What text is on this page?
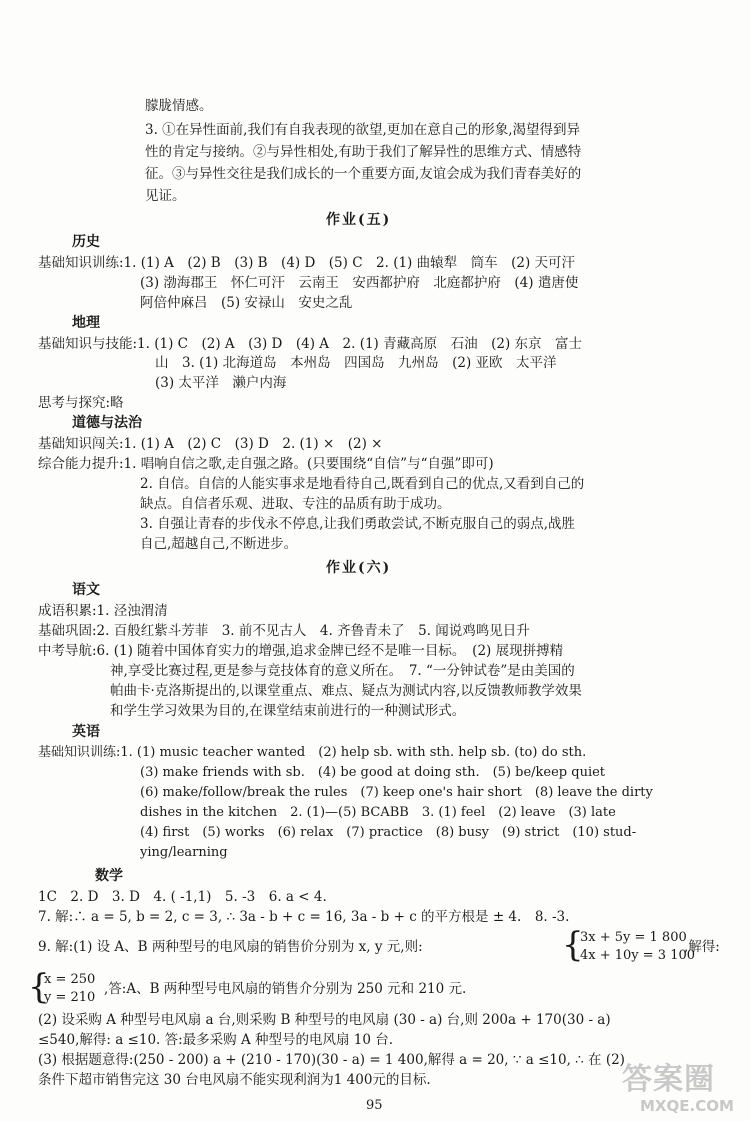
朦胧情感。
3. ①在异性面前,我们有自我表现的欲望,更加在意自己的形象,渴望得到异
性的肯定与接纳。②与异性相处,有助于我们了解异性的思维方式、情感特
征。③与异性交往是我们成长的一个重要方面,友谊会成为我们青春美好的
见证。
作业(五)
历史
基础知识训练:1. (1) A　(2) B　(3) B　(4) D　(5) C　2. (1) 曲辕犁　筒车　(2) 天可汗
(3) 渤海郡王　怀仁可汗　云南王　安西都护府　北庭都护府　(4) 遣唐使
阿倍仲麻吕　(5) 安禄山　安史之乱
地理
基础知识与技能:1. (1) C　(2) A　(3) D　(4) A　2. (1) 青藏高原　石油　(2) 东京　富士
山　3. (1) 北海道岛　本州岛　四国岛　九州岛　(2) 亚欧　太平洋
(3) 太平洋　濑户内海
思考与探究:略
道德与法治
基础知识闯关:1. (1) A　(2) C　(3) D　2. (1) ×　(2) ×
综合能力提升:1. 唱响自信之歌,走自强之路。(只要围绕“自信”与“自强”即可)
2. 自信。自信的人能实事求是地看待自己,既看到自己的优点,又看到自己的
缺点。自信者乐观、进取、专注的品质有助于成功。
3. 自强让青春的步伐永不停息,让我们勇敢尝试,不断克服自己的弱点,战胜
自己,超越自己,不断进步。
作业(六)
语文
成语积累:1. 泾浊渭清
基础巩固:2. 百般红紫斗芳菲　3. 前不见古人　4. 齐鲁青未了　5. 闻说鸡鸣见日升
中考导航:6. (1) 随着中国体育实力的增强,追求金牌已经不是唯一目标。　(2) 展现拼搏精
神,享受比赛过程,更是参与竞技体育的意义所在。　7. “一分钟试卷”是由美国的
帕曲卡·克洛斯提出的,以课堂重点、难点、疑点为测试内容,以反馈教师教学效果
和学生学习效果为目的,在课堂结束前进行的一种测试形式。
英语
基础知识训练:1. (1) music teacher wanted　(2) help sb. with sth. help sb. (to) do sth.
(3) make friends with sb.　(4) be good at doing sth.　(5) be/keep quiet
(6) make/follow/break the rules　(7) keep one's hair short　(8) leave the dirty
dishes in the kitchen　2. (1)—(5) BCABB　3. (1) feel　(2) leave　(3) late
(4) first　(5) works　(6) relax　(7) practice　(8) busy　(9) strict　(10) stud-
ying/learning
数学
1C　2. D　3. D　4. ( -1,1)　5. -3　6. a < 4.
7. 解:∴ a = 5, b = 2, c = 3, ∴ 3a - b + c = 16, 3a - b + c 的平方根是 ± 4.　8. -3.
9. 解:(1) 设 A、B 两种型号的电风扇的销售价分别为 x, y 元,则:	{
3x + 5y = 1 800
4x + 10y = 3 100
,解得:
{
x = 250
y = 210
,答:A、B 两种型号电风扇的销售介分别为 250 元和 210 元.
(2) 设采购 A 种型号电风扇 a 台,则采购 B 种型号的电风扇 (30 - a) 台,则 200a + 170(30 - a)
≤540,解得: a ≤10. 答:最多采购 A 种型号的电风扇 10 台.
(3) 根据题意得:(250 - 200) a + (210 - 170)(30 - a) = 1 400,解得 a = 20, ∵ a ≤10, ∴ 在 (2)
条件下超市销售完这 30 台电风扇不能实现利润为1 400元的目标.
95
答案圈
MXQE.COM
